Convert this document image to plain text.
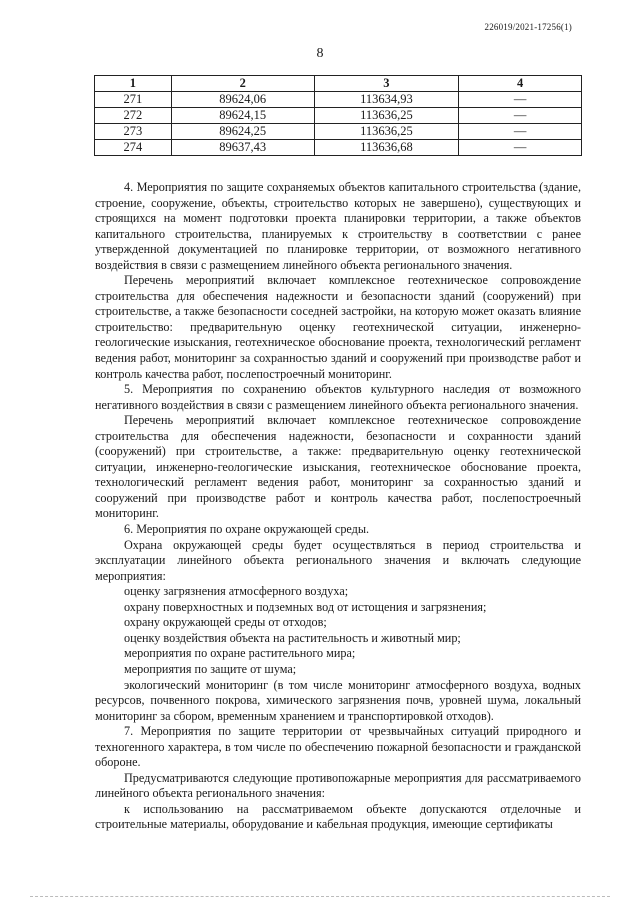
226019/2021-17256(1)
8
1	2	3	4
271	89624,06	113634,93	—
272	89624,15	113636,25	—
273	89624,25	113636,25	—
274	89637,43	113636,68	—

4. Мероприятия по защите сохраняемых объектов капитального строительства (здание, строение, сооружение, объекты, строительство которых не завершено), существующих и строящихся на момент подготовки проекта планировки территории, а также объектов капитального строительства, планируемых к строительству в соответствии с ранее утвержденной документацией по планировке территории, от возможного негативного воздействия в связи с размещением линейного объекта регионального значения.

Перечень мероприятий включает комплексное геотехническое сопровождение строительства для обеспечения надежности и безопасности зданий (сооружений) при строительстве, а также безопасности соседней застройки, на которую может оказать влияние строительство: предварительную оценку геотехнической ситуации, инженерно-геологические изыскания, геотехническое обоснование проекта, технологический регламент ведения работ, мониторинг за сохранностью зданий и сооружений при производстве работ и контроль качества работ, послепостроечный мониторинг.

5. Мероприятия по сохранению объектов культурного наследия от возможного негативного воздействия в связи с размещением линейного объекта регионального значения.

Перечень мероприятий включает комплексное геотехническое сопровождение строительства для обеспечения надежности, безопасности и сохранности зданий (сооружений) при строительстве, а также: предварительную оценку геотехнической ситуации, инженерно-геологические изыскания, геотехническое обоснование проекта, технологический регламент ведения работ, мониторинг за сохранностью зданий и сооружений при производстве работ и контроль качества работ, послепостроечный мониторинг.

6. Мероприятия по охране окружающей среды.

Охрана окружающей среды будет осуществляться в период строительства и эксплуатации линейного объекта регионального значения и включать следующие мероприятия:

оценку загрязнения атмосферного воздуха;

охрану поверхностных и подземных вод от истощения и загрязнения;

охрану окружающей среды от отходов;

оценку воздействия объекта на растительность и животный мир;

мероприятия по охране растительного мира;

мероприятия по защите от шума;

экологический мониторинг (в том числе мониторинг атмосферного воздуха, водных ресурсов, почвенного покрова, химического загрязнения почв, уровней шума, локальный мониторинг за сбором, временным хранением и транспортировкой отходов).

7. Мероприятия по защите территории от чрезвычайных ситуаций природного и техногенного характера, в том числе по обеспечению пожарной безопасности и гражданской обороне.

Предусматриваются следующие противопожарные мероприятия для рассматриваемого линейного объекта регионального значения:

к использованию на рассматриваемом объекте допускаются отделочные и строительные материалы, оборудование и кабельная продукция, имеющие сертификаты
